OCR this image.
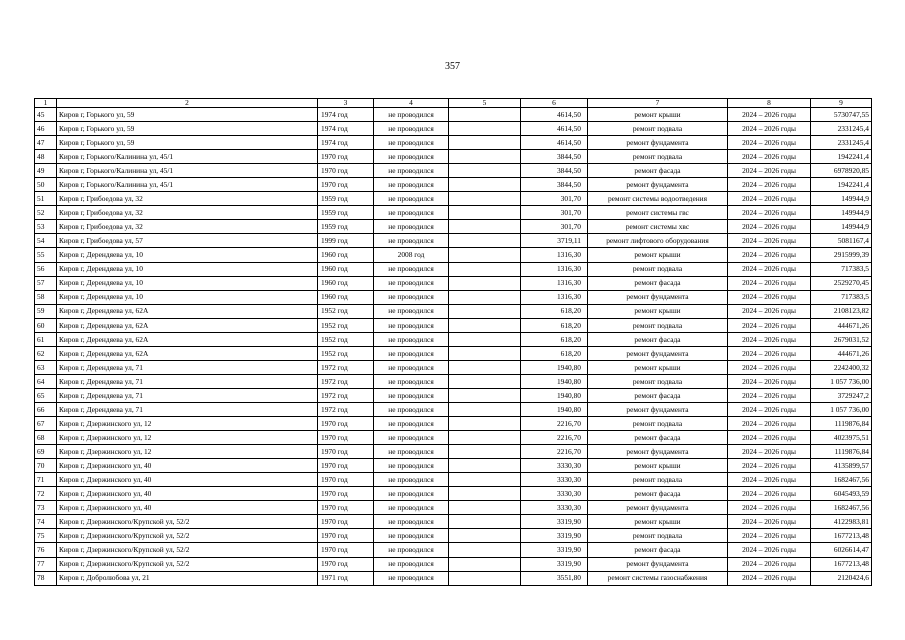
357
1	2	3	4	5	6	7	8	9
45	Киров г, Горького ул, 59	1974 год	не проводился		4614,50	ремонт крыши	2024 – 2026 годы	5730747,55
46	Киров г, Горького ул, 59	1974 год	не проводился		4614,50	ремонт подвала	2024 – 2026 годы	2331245,4
47	Киров г, Горького ул, 59	1974 год	не проводился		4614,50	ремонт фундамента	2024 – 2026 годы	2331245,4
48	Киров г, Горького/Калинина ул, 45/1	1970 год	не проводился		3844,50	ремонт подвала	2024 – 2026 годы	1942241,4
49	Киров г, Горького/Калинина ул, 45/1	1970 год	не проводился		3844,50	ремонт фасада	2024 – 2026 годы	6978920,85
50	Киров г, Горького/Калинина ул, 45/1	1970 год	не проводился		3844,50	ремонт фундамента	2024 – 2026 годы	1942241,4
51	Киров г, Грибоедова ул, 32	1959 год	не проводился		301,70	ремонт системы водоотведения	2024 – 2026 годы	149944,9
52	Киров г, Грибоедова ул, 32	1959 год	не проводился		301,70	ремонт системы гвс	2024 – 2026 годы	149944,9
53	Киров г, Грибоедова ул, 32	1959 год	не проводился		301,70	ремонт системы хвс	2024 – 2026 годы	149944,9
54	Киров г, Грибоедова ул, 57	1999 год	не проводился		3719,11	ремонт лифтового оборудования	2024 – 2026 годы	5081167,4
55	Киров г, Дерендяева ул, 10	1960 год	2008 год		1316,30	ремонт крыши	2024 – 2026 годы	2915999,39
56	Киров г, Дерендяева ул, 10	1960 год	не проводился		1316,30	ремонт подвала	2024 – 2026 годы	717383,5
57	Киров г, Дерендяева ул, 10	1960 год	не проводился		1316,30	ремонт фасада	2024 – 2026 годы	2529270,45
58	Киров г, Дерендяева ул, 10	1960 год	не проводился		1316,30	ремонт фундамента	2024 – 2026 годы	717383,5
59	Киров г, Дерендяева ул, 62А	1952 год	не проводился		618,20	ремонт крыши	2024 – 2026 годы	2108123,82
60	Киров г, Дерендяева ул, 62А	1952 год	не проводился		618,20	ремонт подвала	2024 – 2026 годы	444671,26
61	Киров г, Дерендяева ул, 62А	1952 год	не проводился		618,20	ремонт фасада	2024 – 2026 годы	2679031,52
62	Киров г, Дерендяева ул, 62А	1952 год	не проводился		618,20	ремонт фундамента	2024 – 2026 годы	444671,26
63	Киров г, Дерендяева ул, 71	1972 год	не проводился		1940,80	ремонт крыши	2024 – 2026 годы	2242400,32
64	Киров г, Дерендяева ул, 71	1972 год	не проводился		1940,80	ремонт подвала	2024 – 2026 годы	1 057 736,00
65	Киров г, Дерендяева ул, 71	1972 год	не проводился		1940,80	ремонт фасада	2024 – 2026 годы	3729247,2
66	Киров г, Дерендяева ул, 71	1972 год	не проводился		1940,80	ремонт фундамента	2024 – 2026 годы	1 057 736,00
67	Киров г, Дзержинского ул, 12	1970 год	не проводился		2216,70	ремонт подвала	2024 – 2026 годы	1119876,84
68	Киров г, Дзержинского ул, 12	1970 год	не проводился		2216,70	ремонт фасада	2024 – 2026 годы	4023975,51
69	Киров г, Дзержинского ул, 12	1970 год	не проводился		2216,70	ремонт фундамента	2024 – 2026 годы	1119876,84
70	Киров г, Дзержинского ул, 40	1970 год	не проводился		3330,30	ремонт крыши	2024 – 2026 годы	4135899,57
71	Киров г, Дзержинского ул, 40	1970 год	не проводился		3330,30	ремонт подвала	2024 – 2026 годы	1682467,56
72	Киров г, Дзержинского ул, 40	1970 год	не проводился		3330,30	ремонт фасада	2024 – 2026 годы	6045493,59
73	Киров г, Дзержинского ул, 40	1970 год	не проводился		3330,30	ремонт фундамента	2024 – 2026 годы	1682467,56
74	Киров г, Дзержинского/Крупской ул, 52/2	1970 год	не проводился		3319,90	ремонт крыши	2024 – 2026 годы	4122983,81
75	Киров г, Дзержинского/Крупской ул, 52/2	1970 год	не проводился		3319,90	ремонт подвала	2024 – 2026 годы	1677213,48
76	Киров г, Дзержинского/Крупской ул, 52/2	1970 год	не проводился		3319,90	ремонт фасада	2024 – 2026 годы	6026614,47
77	Киров г, Дзержинского/Крупской ул, 52/2	1970 год	не проводился		3319,90	ремонт фундамента	2024 – 2026 годы	1677213,48
78	Киров г, Добролюбова ул, 21	1971 год	не проводился		3551,80	ремонт системы газоснабжения	2024 – 2026 годы	2120424,6
